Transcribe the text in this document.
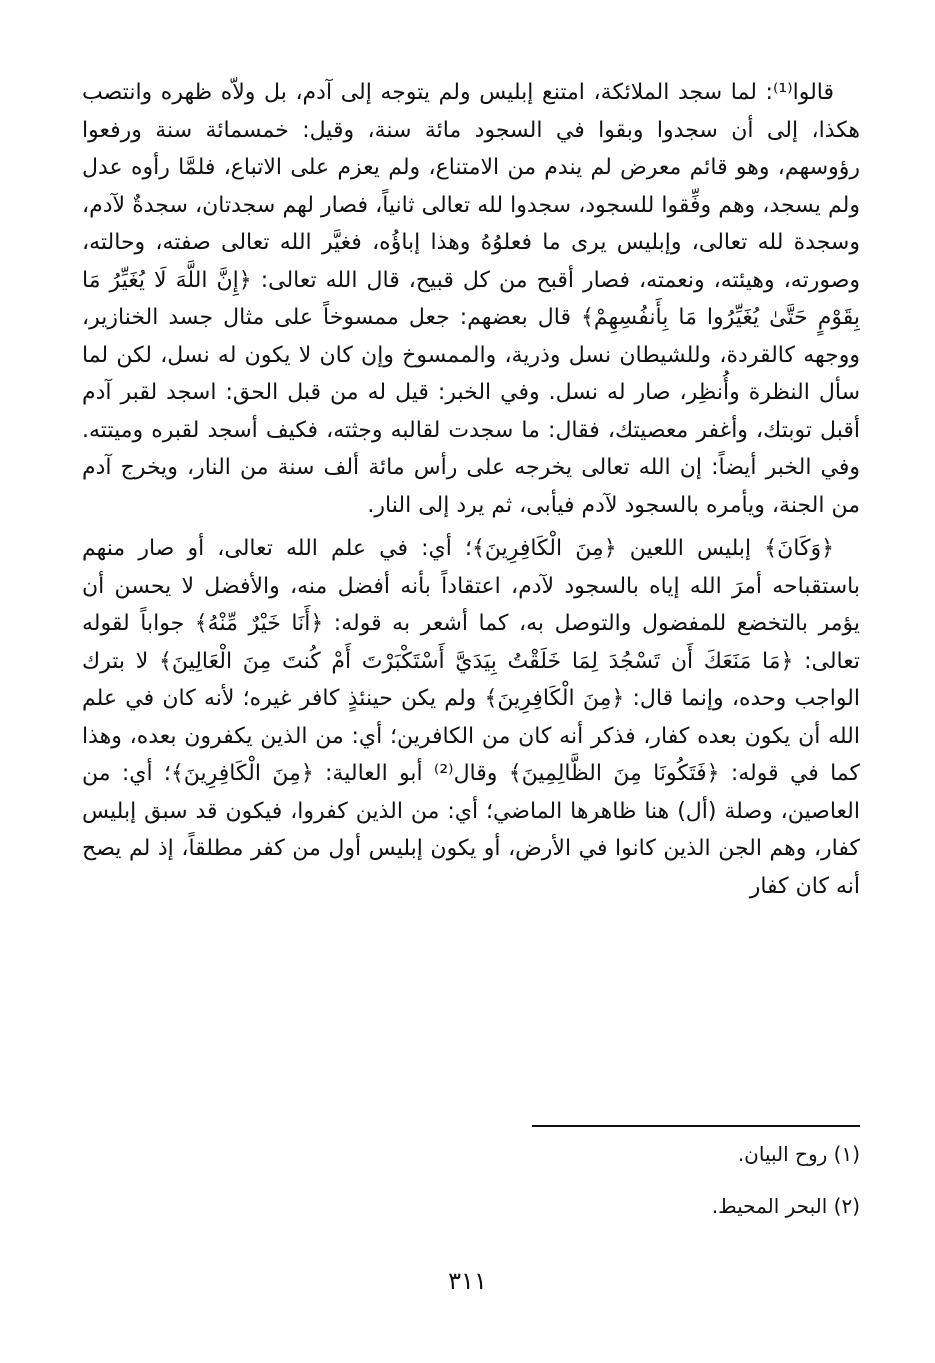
قالوا⁽¹⁾: لما سجد الملائكة، امتنع إبليس ولم يتوجه إلى آدم، بل ولاّه ظهره وانتصب هكذا، إلى أن سجدوا وبقوا في السجود مائة سنة، وقيل: خمسمائة سنة ورفعوا رؤوسهم، وهو قائم معرض لم يندم من الامتناع، ولم يعزم على الاتباع، فلمَّا رأوه عدل ولم يسجد، وهم وفِّقوا للسجود، سجدوا لله تعالى ثانياً، فصار لهم سجدتان، سجدةٌ لآدم، وسجدة لله تعالى، وإبليس يرى ما فعلوُهُ وهذا إباؤُه، فغيَّر الله تعالى صفته، وحالته، وصورته، وهيئته، ونعمته، فصار أقبح من كل قبيح، قال الله تعالى: ﴿إِنَّ اللَّهَ لَا يُغَيِّرُ مَا بِقَوْمٍ حَتَّىٰ يُغَيِّرُوا مَا بِأَنفُسِهِمْ﴾ قال بعضهم: جعل ممسوخاً على مثال جسد الخنازير، ووجهه كالقردة، وللشيطان نسل وذرية، والممسوخ وإن كان لا يكون له نسل، لكن لما سأل النظرة وأُنظِر، صار له نسل. وفي الخبر: قيل له من قبل الحق: اسجد لقبر آدم أقبل توبتك، وأغفر معصيتك، فقال: ما سجدت لقالبه وجثته، فكيف أسجد لقبره وميتته. وفي الخبر أيضاً: إن الله تعالى يخرجه على رأس مائة ألف سنة من النار، ويخرج آدم من الجنة، ويأمره بالسجود لآدم فيأبى، ثم يرد إلى النار.

﴿وَكَانَ﴾ إبليس اللعين ﴿مِنَ الْكَافِرِينَ﴾؛ أي: في علم الله تعالى، أو صار منهم باستقباحه أمرَ الله إياه بالسجود لآدم، اعتقاداً بأنه أفضل منه، والأفضل لا يحسن أن يؤمر بالتخضع للمفضول والتوصل به، كما أشعر به قوله: ﴿أَنَا خَيْرٌ مِّنْهُ﴾ جواباً لقوله تعالى: ﴿مَا مَنَعَكَ أَن تَسْجُدَ لِمَا خَلَقْتُ بِيَدَيَّ أَسْتَكْبَرْتَ أَمْ كُنتَ مِنَ الْعَالِينَ﴾ لا بترك الواجب وحده، وإنما قال: ﴿مِنَ الْكَافِرِينَ﴾ ولم يكن حينئذٍ كافر غيره؛ لأنه كان في علم الله أن يكون بعده كفار، فذكر أنه كان من الكافرين؛ أي: من الذين يكفرون بعده، وهذا كما في قوله: ﴿فَتَكُونَا مِنَ الظَّالِمِينَ﴾ وقال⁽²⁾ أبو العالية: ﴿مِنَ الْكَافِرِينَ﴾؛ أي: من العاصين، وصلة (أل) هنا ظاهرها الماضي؛ أي: من الذين كفروا، فيكون قد سبق إبليس كفار، وهم الجن الذين كانوا في الأرض، أو يكون إبليس أول من كفر مطلقاً، إذ لم يصح أنه كان كفار

(١) روح البيان.

(٢) البحر المحيط.

٣١١
